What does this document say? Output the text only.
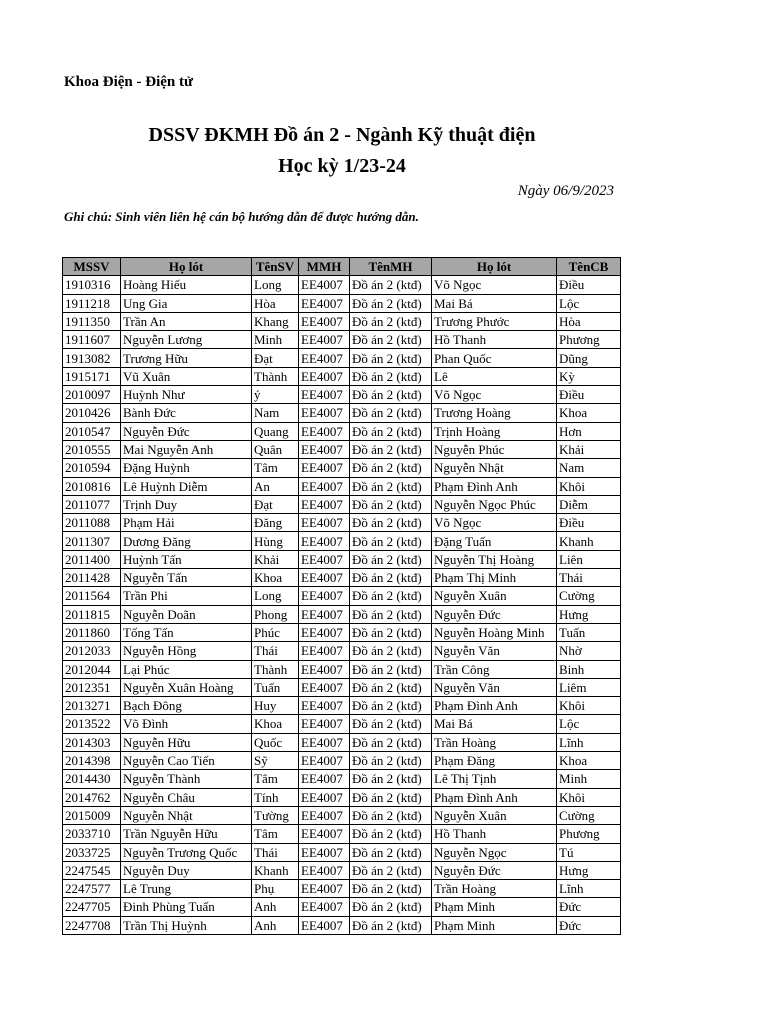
Khoa Điện - Điện tử
DSSV ĐKMH Đồ án 2 - Ngành Kỹ thuật điện
Học kỳ 1/23-24
Ngày 06/9/2023
Ghi chú: Sinh viên liên hệ cán bộ hướng dẫn để được hướng dẫn.
MSSV	Họ lót	TênSV	MMH	TênMH	Họ lót	TênCB
1910316	Hoàng Hiếu	Long	EE4007	Đồ án 2 (ktđ)	Võ Ngọc	Điều
1911218	Ung Gia	Hòa	EE4007	Đồ án 2 (ktđ)	Mai Bá	Lộc
1911350	Trần An	Khang	EE4007	Đồ án 2 (ktđ)	Trương Phước	Hòa
1911607	Nguyễn Lương	Minh	EE4007	Đồ án 2 (ktđ)	Hồ Thanh	Phương
1913082	Trương Hữu	Đạt	EE4007	Đồ án 2 (ktđ)	Phan Quốc	Dũng
1915171	Vũ Xuân	Thành	EE4007	Đồ án 2 (ktđ)	Lê	Kỳ
2010097	Huỳnh Như	ý	EE4007	Đồ án 2 (ktđ)	Võ Ngọc	Điều
2010426	Bành Đức	Nam	EE4007	Đồ án 2 (ktđ)	Trương Hoàng	Khoa
2010547	Nguyễn Đức	Quang	EE4007	Đồ án 2 (ktđ)	Trịnh Hoàng	Hơn
2010555	Mai Nguyễn Anh	Quân	EE4007	Đồ án 2 (ktđ)	Nguyễn Phúc	Khải
2010594	Đặng Huỳnh	Tâm	EE4007	Đồ án 2 (ktđ)	Nguyễn Nhật	Nam
2010816	Lê Huỳnh Diễm	An	EE4007	Đồ án 2 (ktđ)	Phạm Đình Anh	Khôi
2011077	Trịnh Duy	Đạt	EE4007	Đồ án 2 (ktđ)	Nguyễn Ngọc Phúc	Diễm
2011088	Phạm Hải	Đăng	EE4007	Đồ án 2 (ktđ)	Võ Ngọc	Điều
2011307	Dương Đăng	Hùng	EE4007	Đồ án 2 (ktđ)	Đặng Tuấn	Khanh
2011400	Huỳnh Tấn	Khải	EE4007	Đồ án 2 (ktđ)	Nguyễn Thị Hoàng	Liên
2011428	Nguyễn Tấn	Khoa	EE4007	Đồ án 2 (ktđ)	Phạm Thị Minh	Thái
2011564	Trần Phi	Long	EE4007	Đồ án 2 (ktđ)	Nguyễn Xuân	Cường
2011815	Nguyễn Doãn	Phong	EE4007	Đồ án 2 (ktđ)	Nguyễn Đức	Hưng
2011860	Tống Tấn	Phúc	EE4007	Đồ án 2 (ktđ)	Nguyễn Hoàng Minh	Tuấn
2012033	Nguyễn Hồng	Thái	EE4007	Đồ án 2 (ktđ)	Nguyễn Văn	Nhờ
2012044	Lại Phúc	Thành	EE4007	Đồ án 2 (ktđ)	Trần Công	Binh
2012351	Nguyễn Xuân Hoàng	Tuấn	EE4007	Đồ án 2 (ktđ)	Nguyễn Văn	Liêm
2013271	Bạch Đông	Huy	EE4007	Đồ án 2 (ktđ)	Phạm Đình Anh	Khôi
2013522	Võ Đình	Khoa	EE4007	Đồ án 2 (ktđ)	Mai Bá	Lộc
2014303	Nguyễn Hữu	Quốc	EE4007	Đồ án 2 (ktđ)	Trần Hoàng	Lĩnh
2014398	Nguyễn Cao Tiến	Sỹ	EE4007	Đồ án 2 (ktđ)	Phạm Đăng	Khoa
2014430	Nguyễn Thành	Tâm	EE4007	Đồ án 2 (ktđ)	Lê Thị Tịnh	Minh
2014762	Nguyễn Châu	Tính	EE4007	Đồ án 2 (ktđ)	Phạm Đình Anh	Khôi
2015009	Nguyễn Nhật	Tường	EE4007	Đồ án 2 (ktđ)	Nguyễn Xuân	Cường
2033710	Trần Nguyễn Hữu	Tâm	EE4007	Đồ án 2 (ktđ)	Hồ Thanh	Phương
2033725	Nguyễn Trương Quốc	Thái	EE4007	Đồ án 2 (ktđ)	Nguyễn Ngọc	Tú
2247545	Nguyễn Duy	Khanh	EE4007	Đồ án 2 (ktđ)	Nguyễn Đức	Hưng
2247577	Lê Trung	Phụ	EE4007	Đồ án 2 (ktđ)	Trần Hoàng	Lĩnh
2247705	Đinh Phùng Tuấn	Anh	EE4007	Đồ án 2 (ktđ)	Phạm Minh	Đức
2247708	Trần Thị Huỳnh	Anh	EE4007	Đồ án 2 (ktđ)	Phạm Minh	Đức
